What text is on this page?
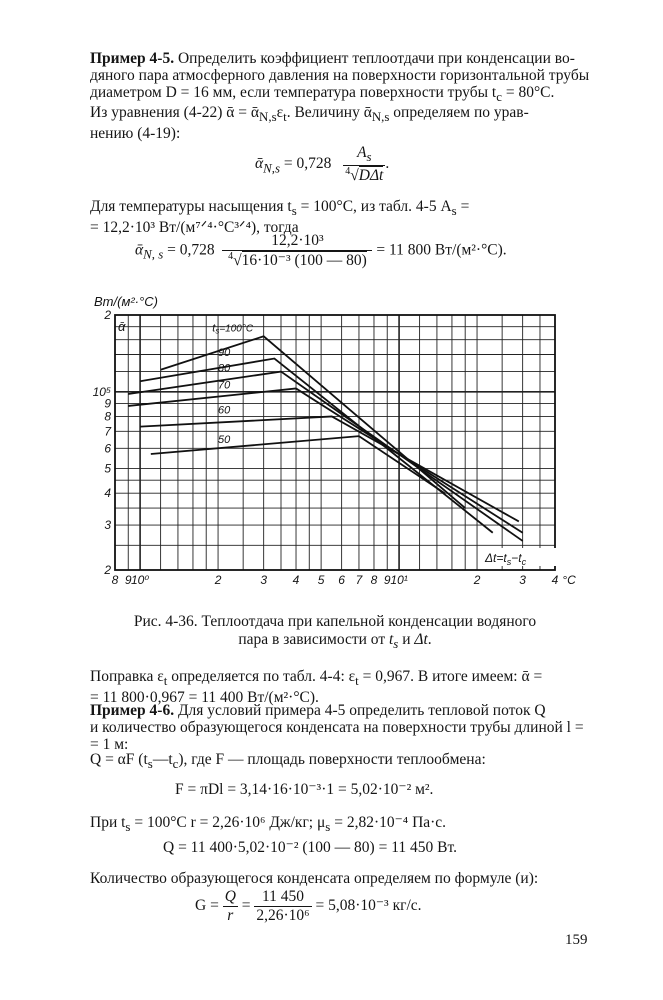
Пример 4-5. Определить коэффициент теплоотдачи при конденсации во-
дяного пара атмосферного давления на поверхности горизонтальной трубы
диаметром D = 16 мм, если температура поверхности трубы $t_c = 80^\circ C$.
Из уравнения (4-22) ᾱ = $ᾱ_{N,s}\varepsilon_t$. Величину ᾱ$_{N,s}$ определяем по урав-
нению (4-19):
ᾱ$_{N,s}$ = $0,728 \frac{A_s}{^4√D\Delta t}$ .
Для температуры насыщения $t_s = 100^\circ C$, из табл. 4-5 $A_s$ =
= 12,2·10³ Вт/(м⁷ᐟ⁴·°C³ᐟ⁴), тогда
ᾱ$_{N, s}$ = $0,728 \frac{\text{12,2·10³}}{^4√16\cdot 10^{-3} (100 — 80)} = 11$ 800 Вт/(м²·°С).
Вт/(м²·°С)
2
10⁵
9
8
7
6
5
4
3
2
ᾱ
8 9 10⁰	2	3 4 5 6 7 8 9 10¹	2	3 4 °C
ts=100°C
90
80
70
60
50
$\Delta t=t_s-t_c$
Рис. 4-36. Теплоотдача при капельной конденсации водяного
пара в зависимости от $t_s$ и Δt.
Поправка $\varepsilon_t$ определяется по табл. 4-4: $\varepsilon_t = 0,967$. В итоге имеем: ᾱ =
= 11 800·0,967 = 11 400 Вт/(м²·°С).
Пример 4-6. Для условий примера 4-5 определить тепловой поток Q
и количество образующегося конденсата на поверхности трубы длиной l =
= 1 м:
Q = αF $(t_s—t_c)$, где F — площадь поверхности теплообмена:
F = πDl = 3,14·16·10⁻³·1 = 5,02·10⁻² м².
При $t_s = 100^\circ C$ r = 2,26·10⁶ Дж/кг; $\mu_s = 2,82\cdot 10^{-4}$ Па·с.
Q = 11 400·5,02·10⁻² (100 — 80) = 11 450 Вт.
Количество образующегося конденсата определяем по формуле (и):
$G = \frac{Q}{r} = \frac{11 450}{\text{2,26·10⁶}} = 5,08\cdot 10^{-3}$ кг/с.
159
